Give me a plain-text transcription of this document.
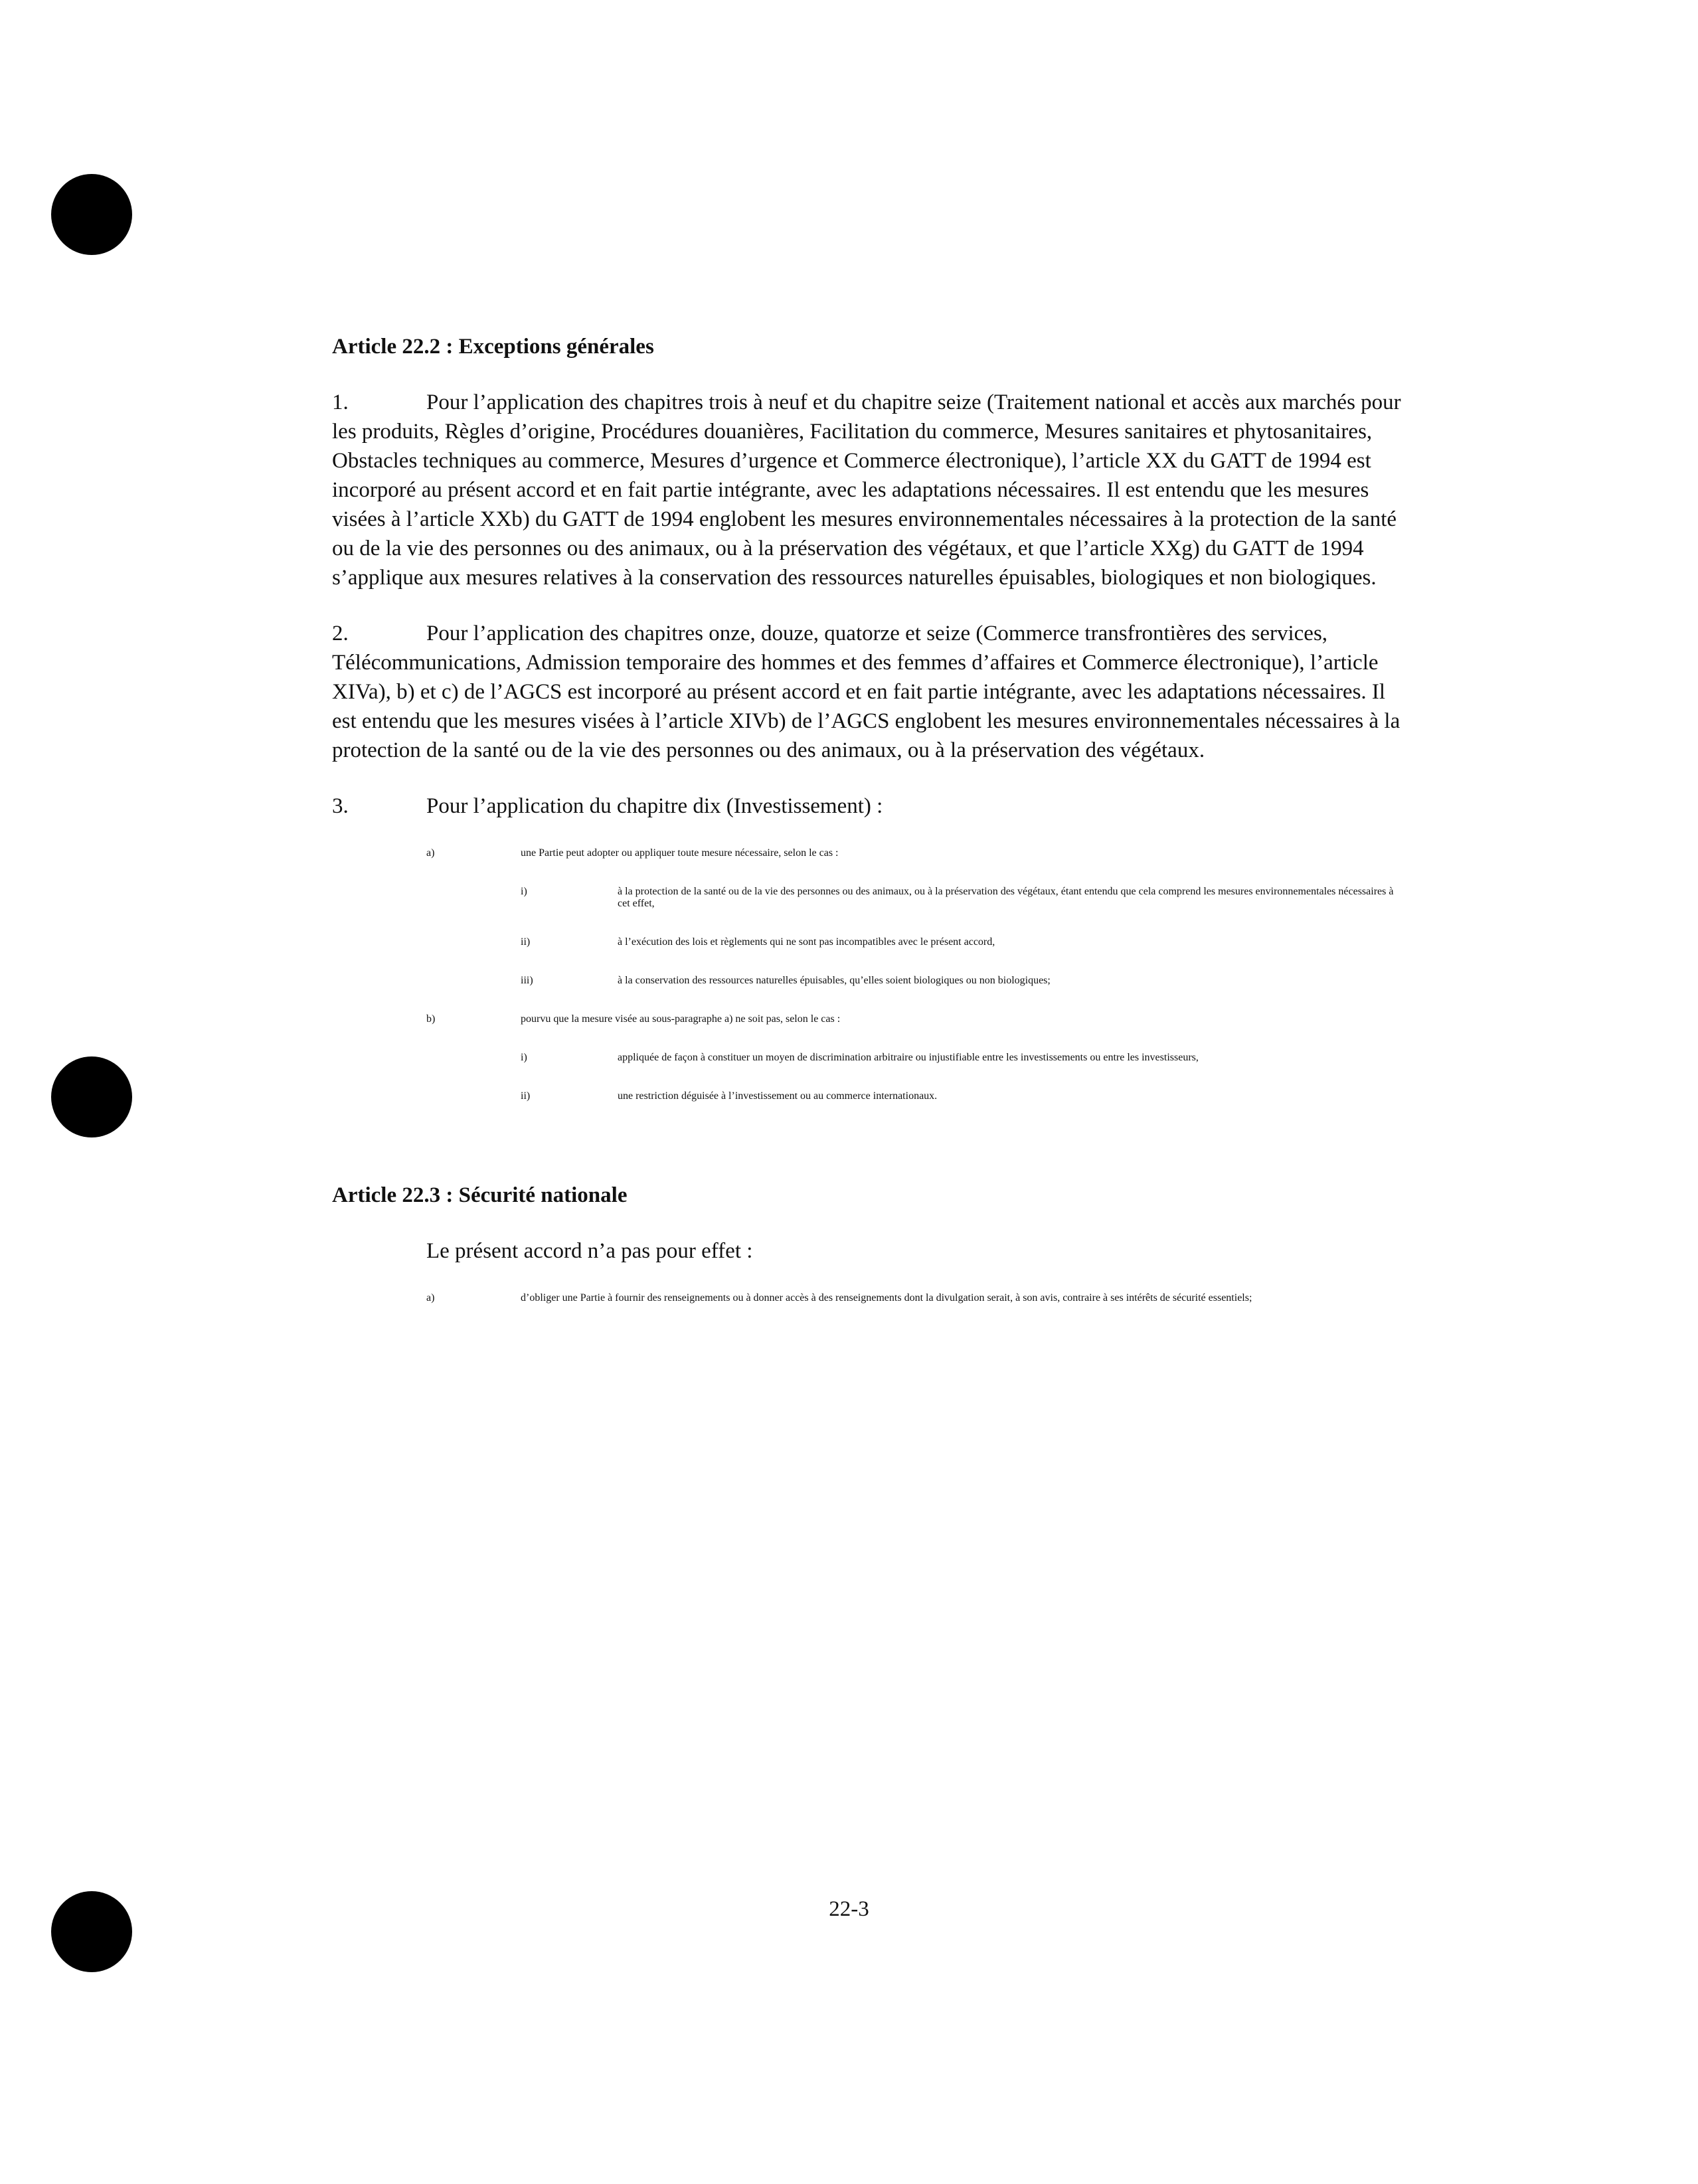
Article 22.2 : Exceptions générales

1.	Pour l’application des chapitres trois à neuf et du chapitre seize (Traitement national et accès aux marchés pour les produits, Règles d’origine, Procédures douanières, Facilitation du commerce, Mesures sanitaires et phytosanitaires, Obstacles techniques au commerce, Mesures d’urgence et Commerce électronique), l’article XX du GATT de 1994 est incorporé au présent accord et en fait partie intégrante, avec les adaptations nécessaires. Il est entendu que les mesures visées à l’article XXb) du GATT de 1994 englobent les mesures environnementales nécessaires à la protection de la santé ou de la vie des personnes ou des animaux, ou à la préservation des végétaux, et que l’article XXg) du GATT de 1994 s’applique aux mesures relatives à la conservation des ressources naturelles épuisables, biologiques et non biologiques.

2.	Pour l’application des chapitres onze, douze, quatorze et seize (Commerce transfrontières des services, Télécommunications, Admission temporaire des hommes et des femmes d’affaires et Commerce électronique), l’article XIVa), b) et c) de l’AGCS est incorporé au présent accord et en fait partie intégrante, avec les adaptations nécessaires. Il est entendu que les mesures visées à l’article XIVb) de l’AGCS englobent les mesures environnementales nécessaires à la protection de la santé ou de la vie des personnes ou des animaux, ou à la préservation des végétaux.

3.	Pour l’application du chapitre dix (Investissement) :

a)	une Partie peut adopter ou appliquer toute mesure nécessaire, selon le cas :
i)	à la protection de la santé ou de la vie des personnes ou des animaux, ou à la préservation des végétaux, étant entendu que cela comprend les mesures environnementales nécessaires à cet effet,
ii)	à l’exécution des lois et règlements qui ne sont pas incompatibles avec le présent accord,
iii)	à la conservation des ressources naturelles épuisables, qu’elles soient biologiques ou non biologiques;
b)	pourvu que la mesure visée au sous-paragraphe a) ne soit pas, selon le cas :
i)	appliquée de façon à constituer un moyen de discrimination arbitraire ou injustifiable entre les investissements ou entre les investisseurs,
ii)	une restriction déguisée à l’investissement ou au commerce internationaux.
Article 22.3 : Sécurité nationale

Le présent accord n’a pas pour effet :

a)	d’obliger une Partie à fournir des renseignements ou à donner accès à des renseignements dont la divulgation serait, à son avis, contraire à ses intérêts de sécurité essentiels;
22-3
